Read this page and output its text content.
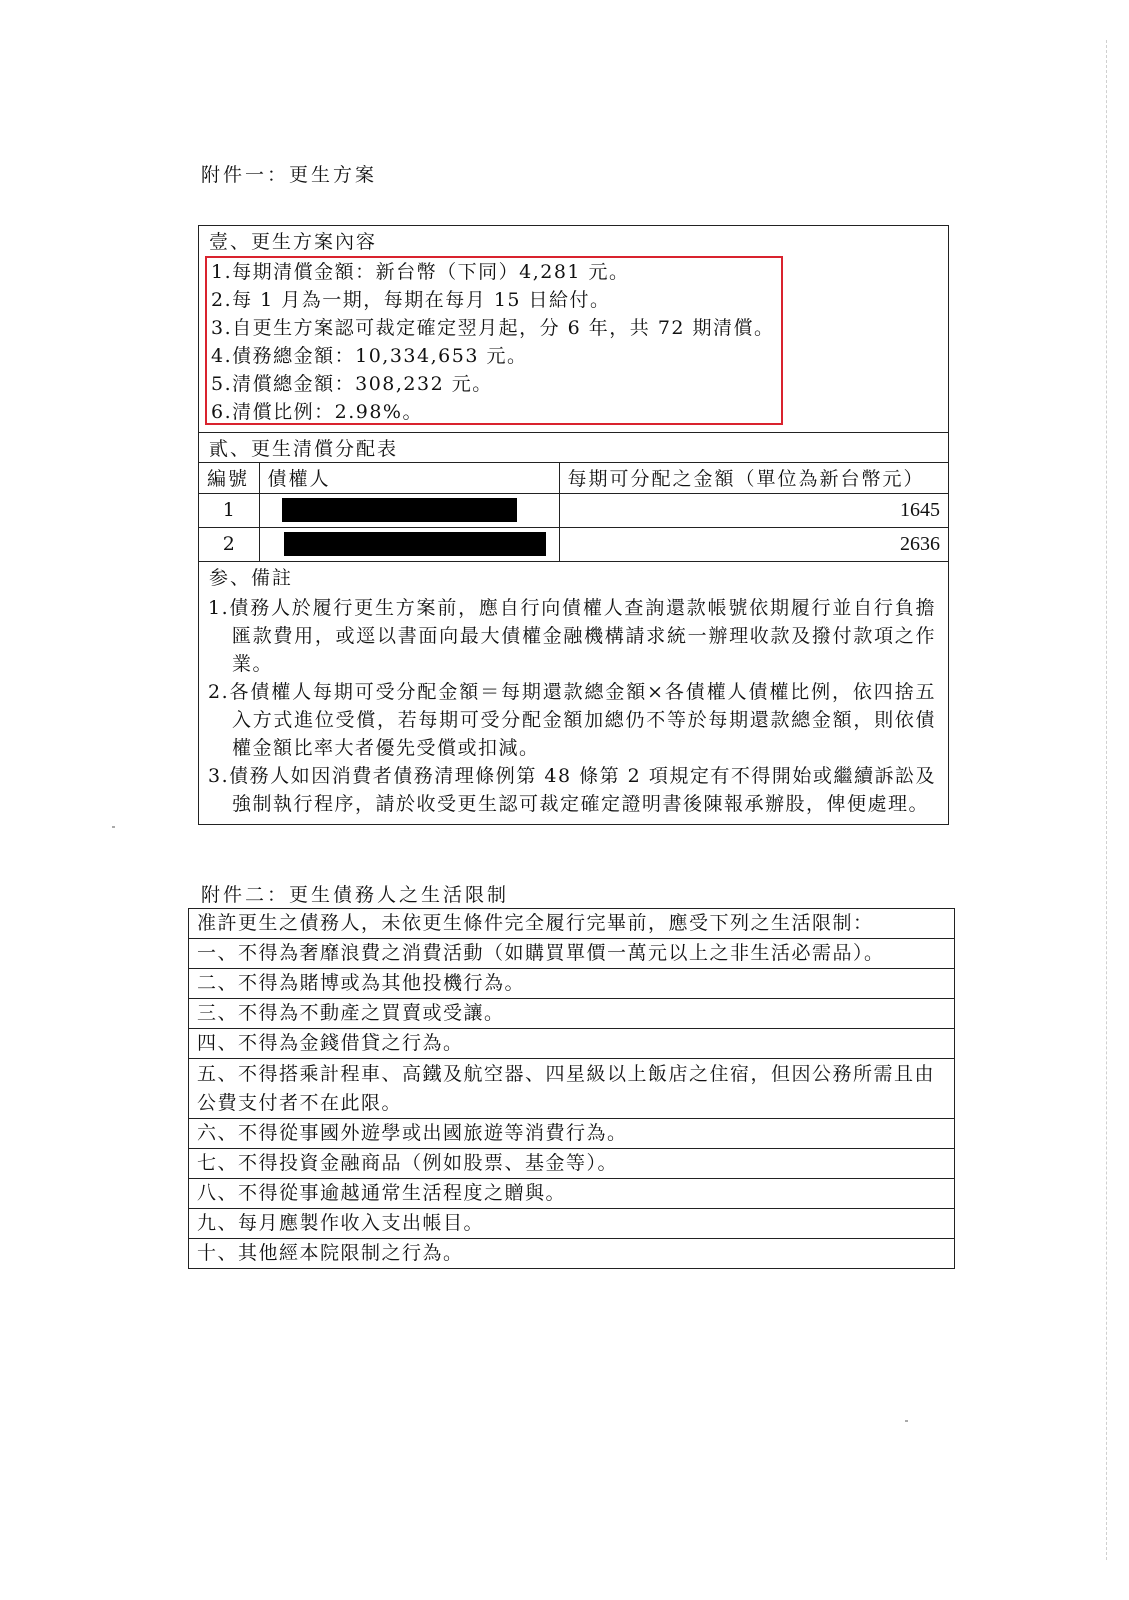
附件一：更生方案
壹、更生方案內容
1.每期清償金額：新台幣（下同）4,281 元。
2.每 1 月為一期，每期在每月 15 日給付。
3.自更生方案認可裁定確定翌月起，分 6 年，共 72 期清償。
4.債務總金額：10,334,653 元。
5.清償總金額：308,232 元。
6.清償比例：2.98%。
貳、更生清償分配表
編號	債權人	每期可分配之金額（單位為新台幣元）
1		1645
2		2636
参、備註
1.債務人於履行更生方案前，應自行向債權人查詢還款帳號依期履行並自行負擔匯款費用，或逕以書面向最大債權金融機構請求統一辦理收款及撥付款項之作業。
2.各債權人每期可受分配金額＝每期還款總金額×各債權人債權比例，依四捨五入方式進位受償，若每期可受分配金額加總仍不等於每期還款總金額，則依債權金額比率大者優先受償或扣減。
3.債務人如因消費者債務清理條例第 48 條第 2 項規定有不得開始或繼續訴訟及強制執行程序，請於收受更生認可裁定確定證明書後陳報承辦股，俾便處理。
附件二：更生債務人之生活限制
准許更生之債務人，未依更生條件完全履行完畢前，應受下列之生活限制：
一、不得為奢靡浪費之消費活動（如購買單價一萬元以上之非生活必需品）。
二、不得為賭博或為其他投機行為。
三、不得為不動產之買賣或受讓。
四、不得為金錢借貸之行為。
五、不得搭乘計程車、高鐵及航空器、四星級以上飯店之住宿，但因公務所需且由公費支付者不在此限。
六、不得從事國外遊學或出國旅遊等消費行為。
七、不得投資金融商品（例如股票、基金等）。
八、不得從事逾越通常生活程度之贈與。
九、每月應製作收入支出帳目。
十、其他經本院限制之行為。
